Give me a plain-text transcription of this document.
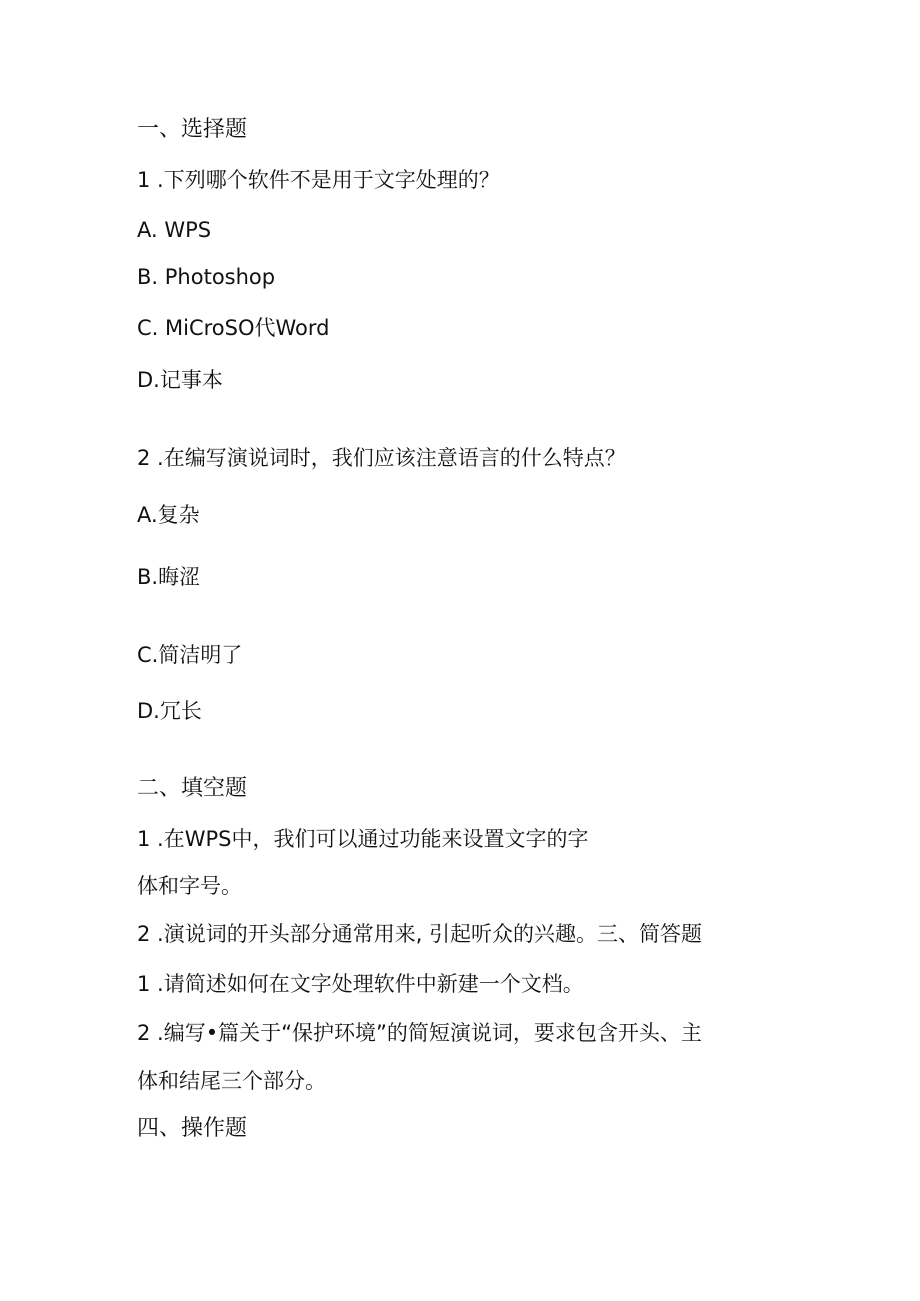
一、选择题
1 .下列哪个软件不是用于文字处理的？
A. WPS
B. Photoshop
C. MiCroSO代Word
D.记事本
2 .在编写演说词时，我们应该注意语言的什么特点？
A.复杂
B.晦涩
C.简洁明了
D.冗长
二、填空题
1 .在WPS中，我们可以通过功能来设置文字的字
体和字号。
2 .演说词的开头部分通常用来, 引起听众的兴趣。三、简答题
1 .请简述如何在文字处理软件中新建一个文档。
2 .编写•篇关于“保护环境”的简短演说词，要求包含开头、主
体和结尾三个部分。
四、操作题
